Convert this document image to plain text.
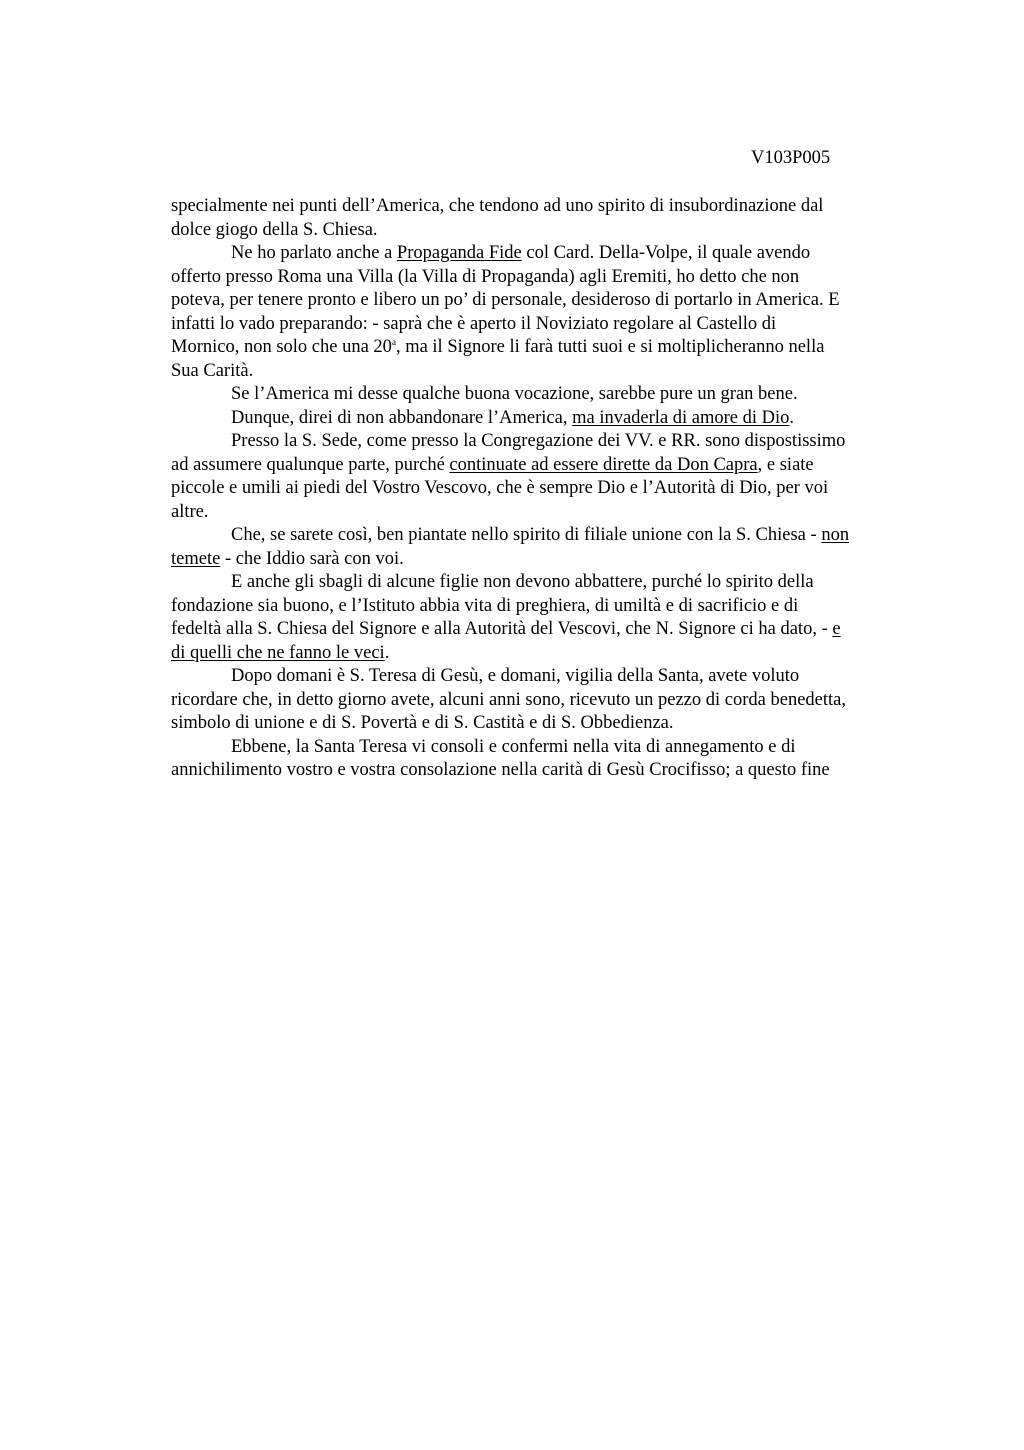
V103P005

specialmente nei punti dell’America, che tendono ad uno spirito di insubordinazione dal
dolce giogo della S. Chiesa.
Ne ho parlato anche a Propaganda Fide col Card. Della-Volpe, il quale avendo
offerto presso Roma una Villa (la Villa di Propaganda) agli Eremiti, ho detto che non
poteva, per tenere pronto e libero un po’ di personale, desideroso di portarlo in America. E
infatti lo vado preparando: - saprà che è aperto il Noviziato regolare al Castello di
Mornico, non solo che una 20$^a$, ma il Signore li farà tutti suoi e si moltiplicheranno nella
Sua Carità.
Se l’America mi desse qualche buona vocazione, sarebbe pure un gran bene.
Dunque, direi di non abbandonare l’America, ma invaderla di amore di Dio.
Presso la S. Sede, come presso la Congregazione dei VV. e RR. sono dispostissimo
ad assumere qualunque parte, purché continuate ad essere dirette da Don Capra, e siate
piccole e umili ai piedi del Vostro Vescovo, che è sempre Dio e l’Autorità di Dio, per voi
altre.
Che, se sarete così, ben piantate nello spirito di filiale unione con la S. Chiesa - non
temete - che Iddio sarà con voi.
E anche gli sbagli di alcune figlie non devono abbattere, purché lo spirito della
fondazione sia buono, e l’Istituto abbia vita di preghiera, di umiltà e di sacrificio e di
fedeltà alla S. Chiesa del Signore e alla Autorità del Vescovi, che N. Signore ci ha dato, - e
di quelli che ne fanno le veci.
Dopo domani è S. Teresa di Gesù, e domani, vigilia della Santa, avete voluto
ricordare che, in detto giorno avete, alcuni anni sono, ricevuto un pezzo di corda benedetta,
simbolo di unione e di S. Povertà e di S. Castità e di S. Obbedienza.
Ebbene, la Santa Teresa vi consoli e confermi nella vita di annegamento e di
annichilimento vostro e vostra consolazione nella carità di Gesù Crocifisso; a questo fine
